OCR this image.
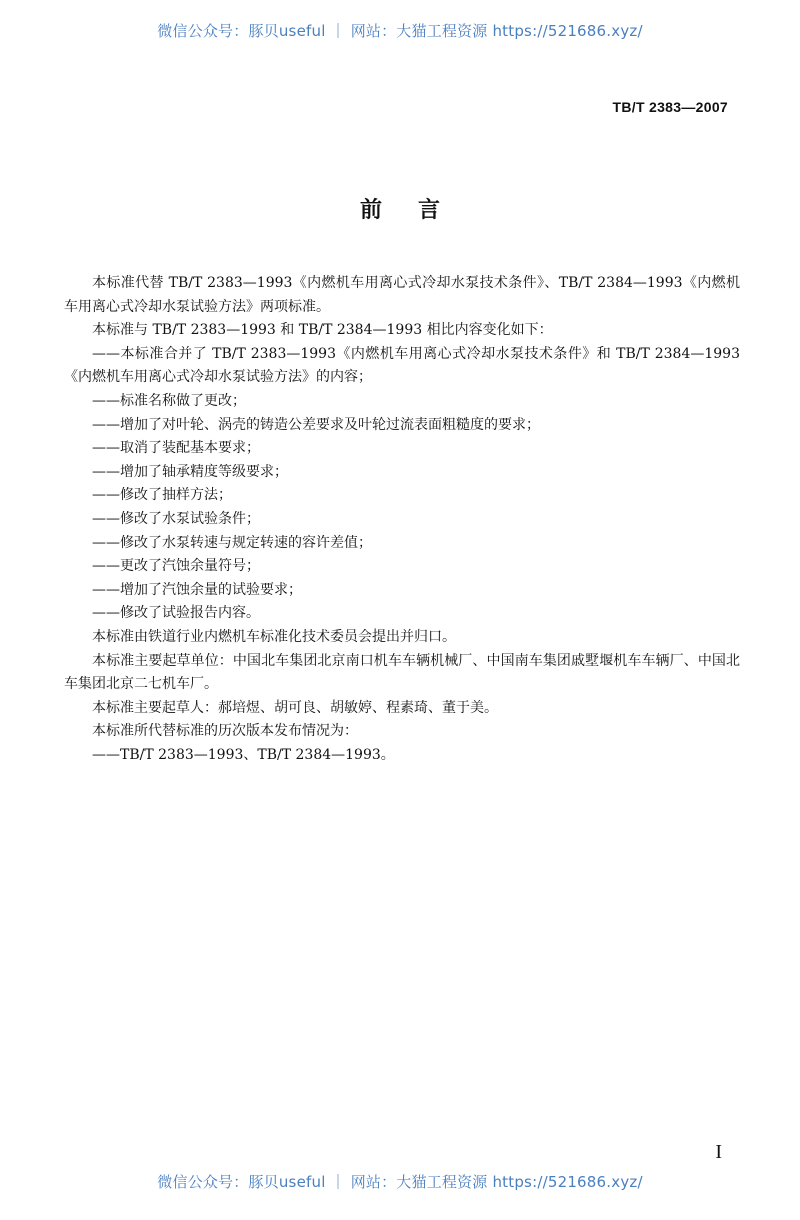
微信公众号：豚贝useful ｜ 网站：大猫工程资源 https://521686.xyz/
TB/T 2383—2007
前言

本标准代替 TB/T 2383—1993《内燃机车用离心式冷却水泵技术条件》、TB/T 2384—1993《内燃机车用离心式冷却水泵试验方法》两项标准。

本标准与 TB/T 2383—1993 和 TB/T 2384—1993 相比内容变化如下：

——本标准合并了 TB/T 2383—1993《内燃机车用离心式冷却水泵技术条件》和 TB/T 2384—1993《内燃机车用离心式冷却水泵试验方法》的内容；

——标准名称做了更改；

——增加了对叶轮、涡壳的铸造公差要求及叶轮过流表面粗糙度的要求；

——取消了装配基本要求；

——增加了轴承精度等级要求；

——修改了抽样方法；

——修改了水泵试验条件；

——修改了水泵转速与规定转速的容许差值；

——更改了汽蚀余量符号；

——增加了汽蚀余量的试验要求；

——修改了试验报告内容。

本标准由铁道行业内燃机车标准化技术委员会提出并归口。

本标准主要起草单位：中国北车集团北京南口机车车辆机械厂、中国南车集团戚墅堰机车车辆厂、中国北车集团北京二七机车厂。

本标准主要起草人：郝培煜、胡可良、胡敏婷、程素琦、董于美。

本标准所代替标准的历次版本发布情况为：

——TB/T 2383—1993、TB/T 2384—1993。

I
微信公众号：豚贝useful ｜ 网站：大猫工程资源 https://521686.xyz/
